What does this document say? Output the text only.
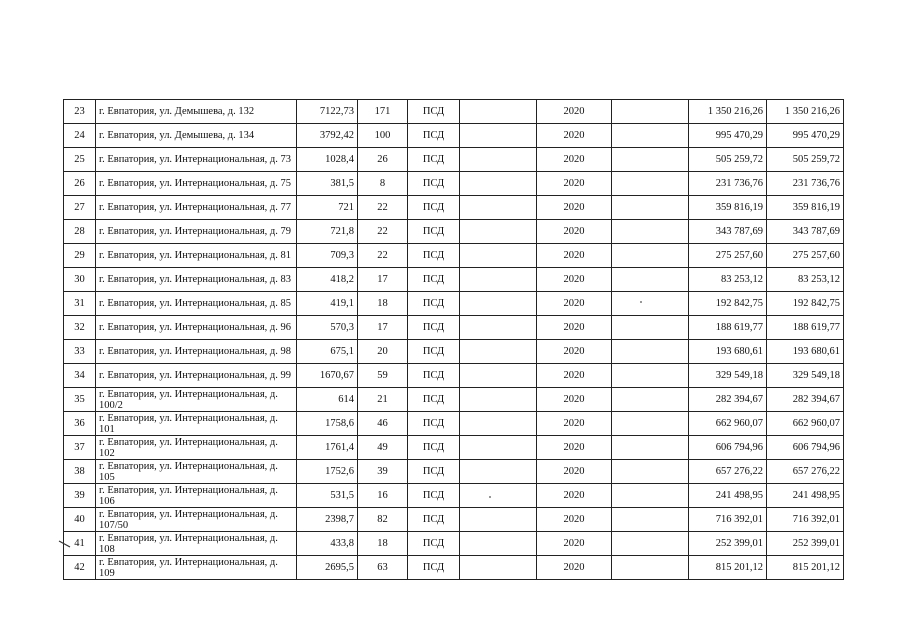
23	г. Евпатория, ул. Демышева, д. 132	7122,73	171	ПСД		2020		1 350 216,26	1 350 216,26
24	г. Евпатория, ул. Демышева, д. 134	3792,42	100	ПСД		2020		995 470,29	995 470,29
25	г. Евпатория, ул. Интернациональная, д. 73	1028,4	26	ПСД		2020		505 259,72	505 259,72
26	г. Евпатория, ул. Интернациональная, д. 75	381,5	8	ПСД		2020		231 736,76	231 736,76
27	г. Евпатория, ул. Интернациональная, д. 77	721	22	ПСД		2020		359 816,19	359 816,19
28	г. Евпатория, ул. Интернациональная, д. 79	721,8	22	ПСД		2020		343 787,69	343 787,69
29	г. Евпатория, ул. Интернациональная, д. 81	709,3	22	ПСД		2020		275 257,60	275 257,60
30	г. Евпатория, ул. Интернациональная, д. 83	418,2	17	ПСД		2020		83 253,12	83 253,12
31	г. Евпатория, ул. Интернациональная, д. 85	419,1	18	ПСД		2020		192 842,75	192 842,75
32	г. Евпатория, ул. Интернациональная, д. 96	570,3	17	ПСД		2020		188 619,77	188 619,77
33	г. Евпатория, ул. Интернациональная, д. 98	675,1	20	ПСД		2020		193 680,61	193 680,61
34	г. Евпатория, ул. Интернациональная, д. 99	1670,67	59	ПСД		2020		329 549,18	329 549,18
35	г. Евпатория, ул. Интернациональная, д. 100/2	614	21	ПСД		2020		282 394,67	282 394,67
36	г. Евпатория, ул. Интернациональная, д. 101	1758,6	46	ПСД		2020		662 960,07	662 960,07
37	г. Евпатория, ул. Интернациональная, д. 102	1761,4	49	ПСД		2020		606 794,96	606 794,96
38	г. Евпатория, ул. Интернациональная, д. 105	1752,6	39	ПСД		2020		657 276,22	657 276,22
39	г. Евпатория, ул. Интернациональная, д. 106	531,5	16	ПСД		2020		241 498,95	241 498,95
40	г. Евпатория, ул. Интернациональная, д. 107/50	2398,7	82	ПСД		2020		716 392,01	716 392,01
41	г. Евпатория, ул. Интернациональная, д. 108	433,8	18	ПСД		2020		252 399,01	252 399,01
42	г. Евпатория, ул. Интернациональная, д. 109	2695,5	63	ПСД		2020		815 201,12	815 201,12
